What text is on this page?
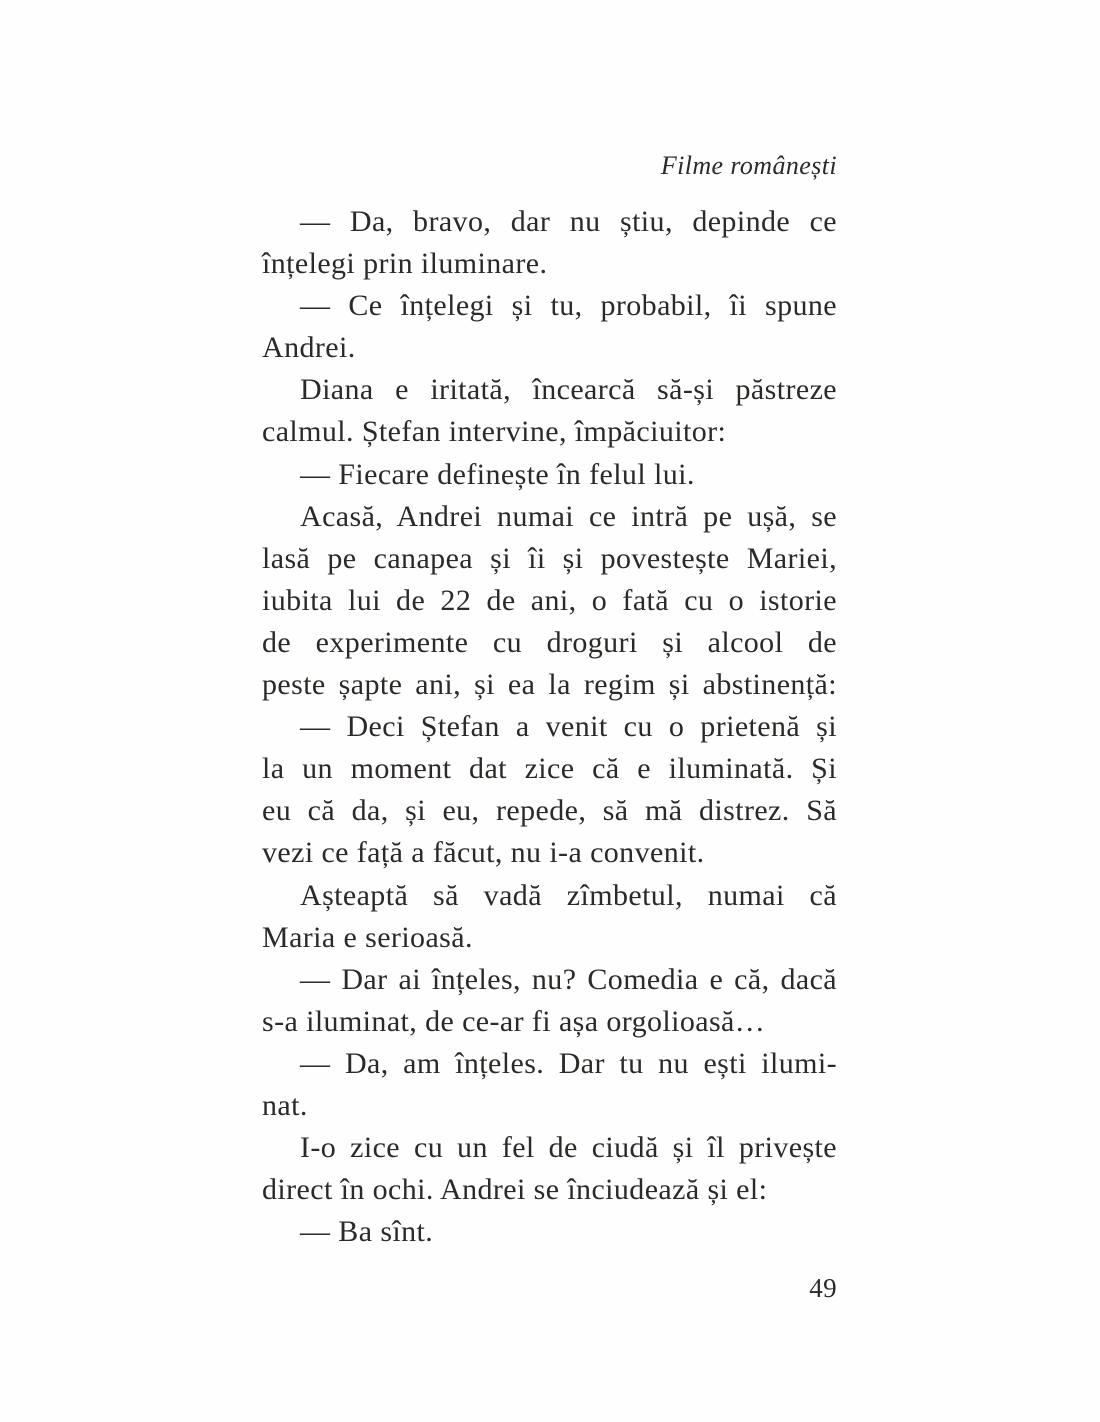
Filme românești
— Da, bravo, dar nu știu, depinde ce
înțelegi prin iluminare.
— Ce înțelegi și tu, probabil, îi spune
Andrei.
Diana e iritată, încearcă să-și păstreze
calmul. Ștefan intervine, împăciuitor:
— Fiecare definește în felul lui.
Acasă, Andrei numai ce intră pe ușă, se
lasă pe canapea și îi și povestește Mariei,
iubita lui de 22 de ani, o fată cu o istorie
de experimente cu droguri și alcool de
peste șapte ani, și ea la regim și abstinență:
— Deci Ștefan a venit cu o prietenă și
la un moment dat zice că e iluminată. Și
eu că da, și eu, repede, să mă distrez. Să
vezi ce față a făcut, nu i-a convenit.
Așteaptă să vadă zîmbetul, numai că
Maria e serioasă.
— Dar ai înțeles, nu? Comedia e că, dacă
s-a iluminat, de ce-ar fi așa orgolioasă…
— Da, am înțeles. Dar tu nu ești ilumi-
nat.
I-o zice cu un fel de ciudă și îl privește
direct în ochi. Andrei se înciudează și el:
— Ba sînt.
49
